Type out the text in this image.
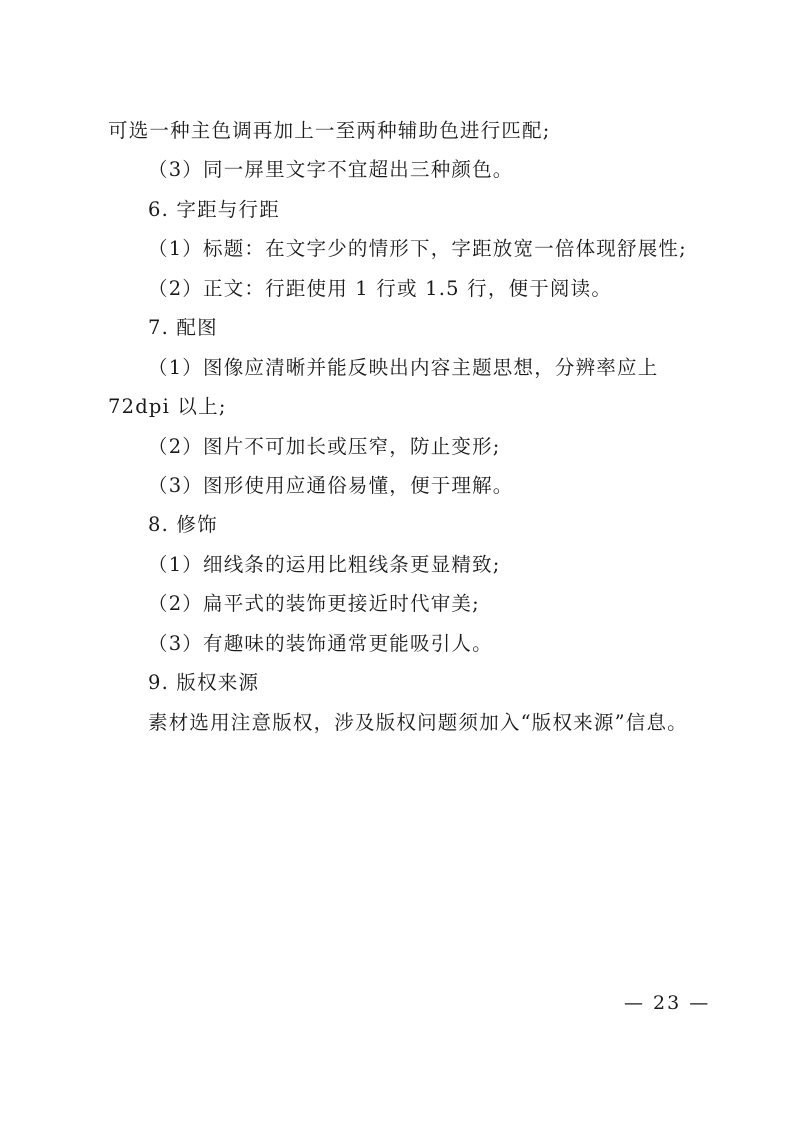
可选一种主色调再加上一至两种辅助色进行匹配;
（3）同一屏里文字不宜超出三种颜色。
6. 字距与行距
（1）标题：在文字少的情形下，字距放宽一倍体现舒展性;
（2）正文：行距使用 1 行或 1.5 行，便于阅读。
7. 配图
（1）图像应清晰并能反映出内容主题思想，分辨率应上
72dpi 以上;
（2）图片不可加长或压窄，防止变形;
（3）图形使用应通俗易懂，便于理解。
8. 修饰
（1）细线条的运用比粗线条更显精致;
（2）扁平式的装饰更接近时代审美;
（3）有趣味的装饰通常更能吸引人。
9. 版权来源
素材选用注意版权，涉及版权问题须加入“版权来源”信息。
— 23 —
